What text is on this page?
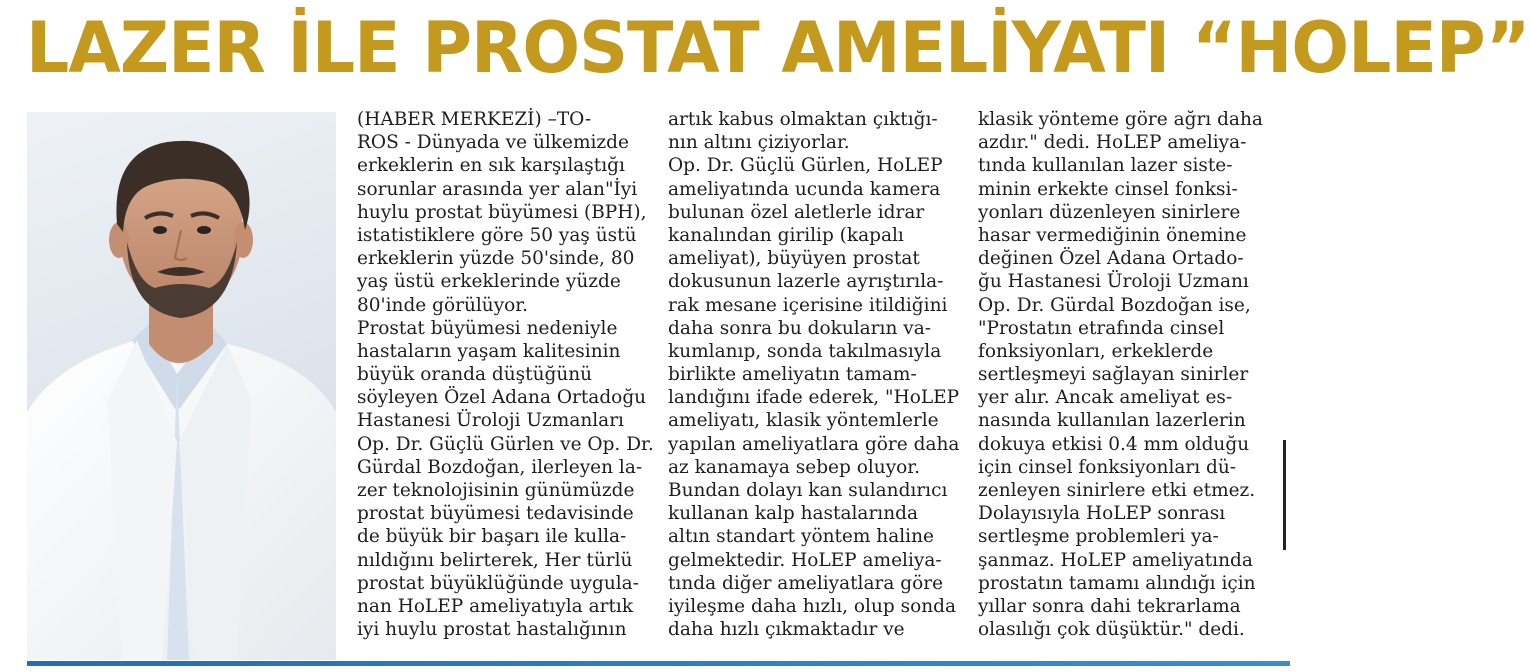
LAZER İLE PROSTAT AMELİYATI “HOLEP”
(HABER MERKEZİ) –TO-
ROS - Dünyada ve ülkemizde
erkeklerin en sık karşılaştığı
sorunlar arasında yer alan"İyi
huylu prostat büyümesi (BPH),
istatistiklere göre 50 yaş üstü
erkeklerin yüzde 50'sinde, 80
yaş üstü erkeklerinde yüzde
80'inde görülüyor.
Prostat büyümesi nedeniyle
hastaların yaşam kalitesinin
büyük oranda düştüğünü
söyleyen Özel Adana Ortadoğu
Hastanesi Üroloji Uzmanları
Op. Dr. Güçlü Gürlen ve Op. Dr.
Gürdal Bozdoğan, ilerleyen la-
zer teknolojisinin günümüzde
prostat büyümesi tedavisinde
de büyük bir başarı ile kulla-
nıldığını belirterek, Her türlü
prostat büyüklüğünde uygula-
nan HoLEP ameliyatıyla artık
iyi huylu prostat hastalığının
artık kabus olmaktan çıktığı-
nın altını çiziyorlar.
Op. Dr. Güçlü Gürlen, HoLEP
ameliyatında ucunda kamera
bulunan özel aletlerle idrar
kanalından girilip (kapalı
ameliyat), büyüyen prostat
dokusunun lazerle ayrıştırıla-
rak mesane içerisine itildiğini
daha sonra bu dokuların va-
kumlanıp, sonda takılmasıyla
birlikte ameliyatın tamam-
landığını ifade ederek, "HoLEP
ameliyatı, klasik yöntemlerle
yapılan ameliyatlara göre daha
az kanamaya sebep oluyor.
Bundan dolayı kan sulandırıcı
kullanan kalp hastalarında
altın standart yöntem haline
gelmektedir. HoLEP ameliya-
tında diğer ameliyatlara göre
iyileşme daha hızlı, olup sonda
daha hızlı çıkmaktadır ve
klasik yönteme göre ağrı daha
azdır." dedi. HoLEP ameliya-
tında kullanılan lazer siste-
minin erkekte cinsel fonksi-
yonları düzenleyen sinirlere
hasar vermediğinin önemine
değinen Özel Adana Ortado-
ğu Hastanesi Üroloji Uzmanı
Op. Dr. Gürdal Bozdoğan ise,
"Prostatın etrafında cinsel
fonksiyonları, erkeklerde
sertleşmeyi sağlayan sinirler
yer alır. Ancak ameliyat es-
nasında kullanılan lazerlerin
dokuya etkisi 0.4 mm olduğu
için cinsel fonksiyonları dü-
zenleyen sinirlere etki etmez.
Dolayısıyla HoLEP sonrası
sertleşme problemleri ya-
şanmaz. HoLEP ameliyatında
prostatın tamamı alındığı için
yıllar sonra dahi tekrarlama
olasılığı çok düşüktür." dedi.
